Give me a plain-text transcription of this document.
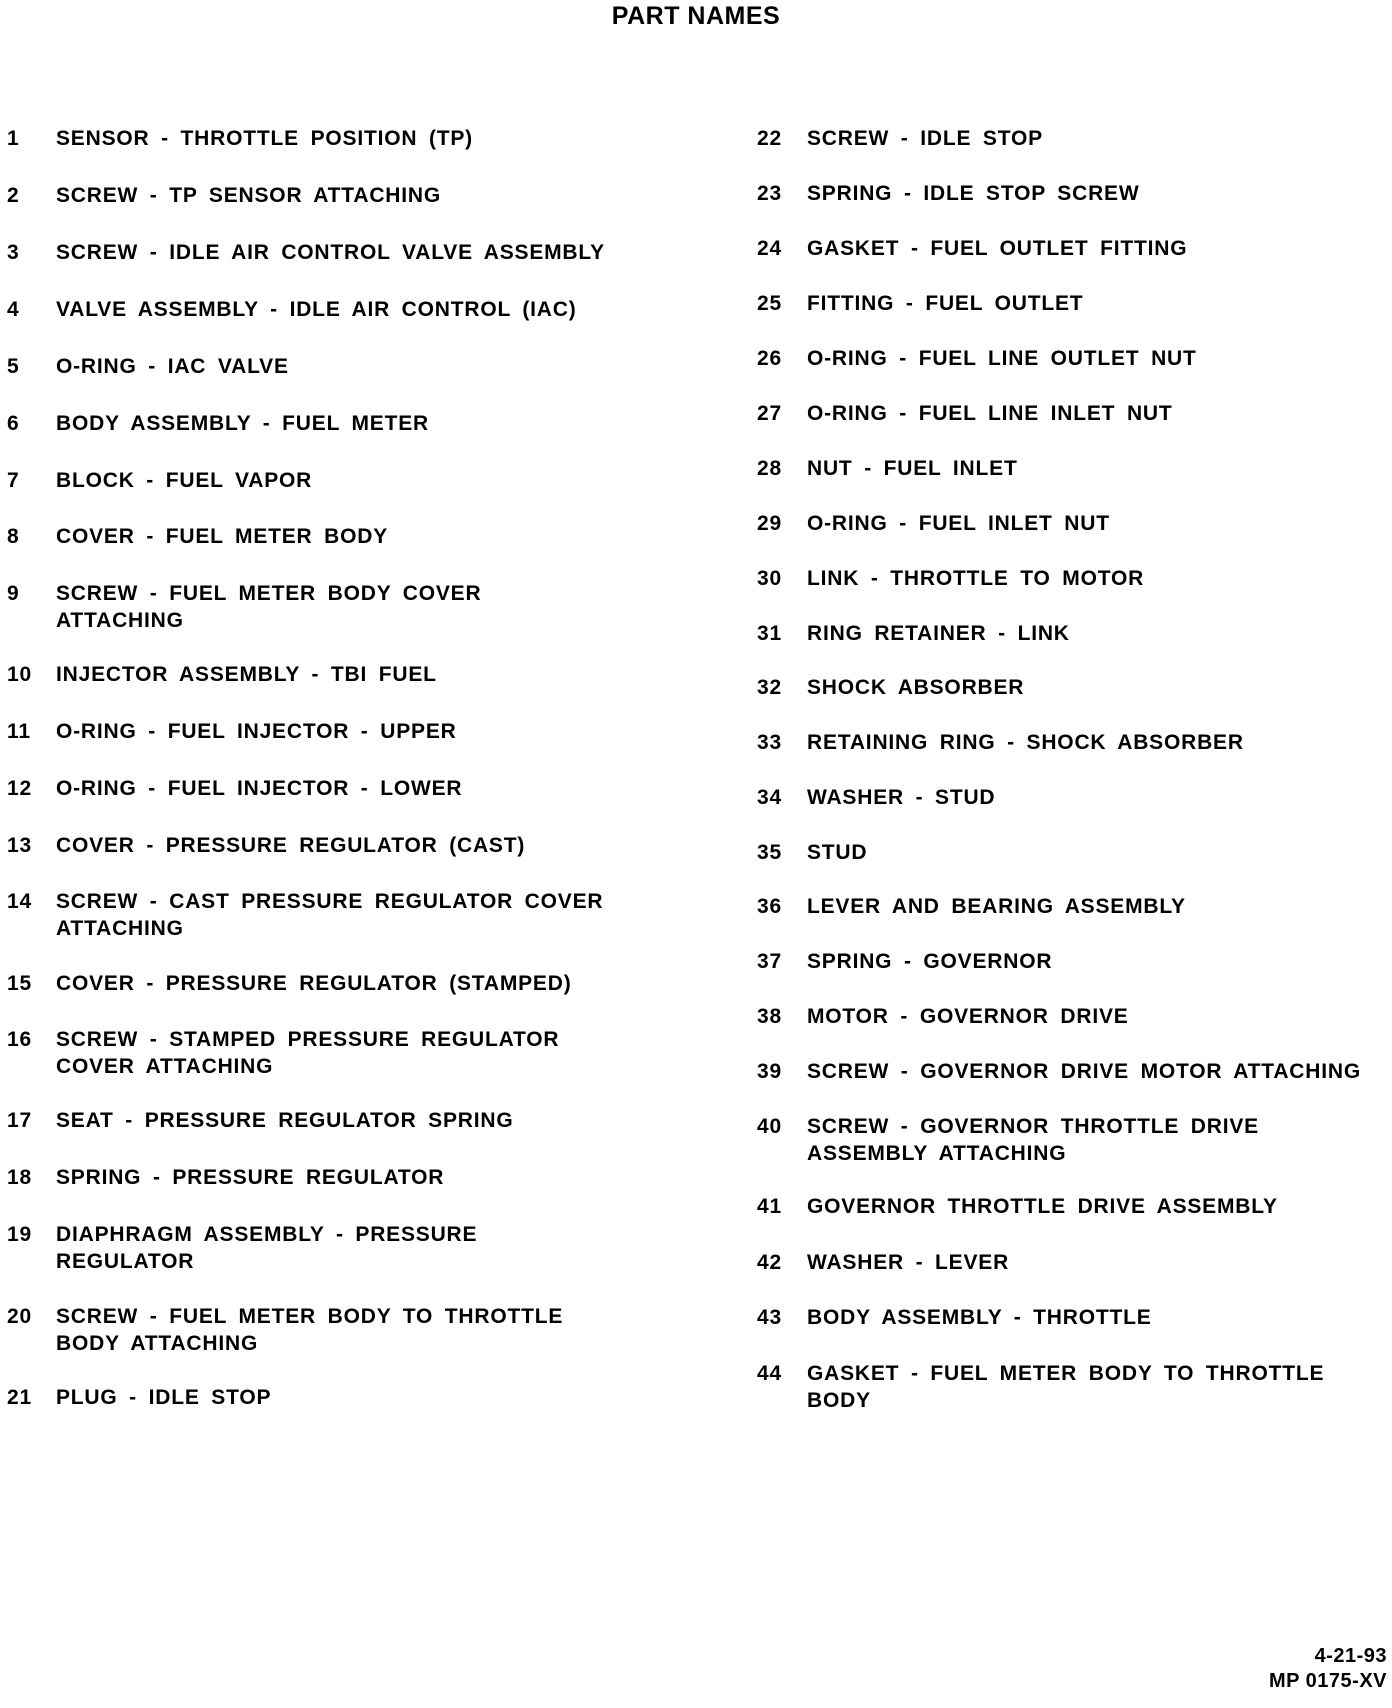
PART NAMES
1 SENSOR - THROTTLE POSITION (TP)
2 SCREW - TP SENSOR ATTACHING
3 SCREW - IDLE AIR CONTROL VALVE ASSEMBLY
4 VALVE ASSEMBLY - IDLE AIR CONTROL (IAC)
5 O-RING - IAC VALVE
6 BODY ASSEMBLY - FUEL METER
7 BLOCK - FUEL VAPOR
8 COVER - FUEL METER BODY
9 SCREW - FUEL METER BODY COVER
ATTACHING
10 INJECTOR ASSEMBLY - TBI FUEL
11 O-RING - FUEL INJECTOR - UPPER
12 O-RING - FUEL INJECTOR - LOWER
13 COVER - PRESSURE REGULATOR (CAST)
14 SCREW - CAST PRESSURE REGULATOR COVER
ATTACHING
15 COVER - PRESSURE REGULATOR (STAMPED)
16 SCREW - STAMPED PRESSURE REGULATOR
COVER ATTACHING
17 SEAT - PRESSURE REGULATOR SPRING
18 SPRING - PRESSURE REGULATOR
19 DIAPHRAGM ASSEMBLY - PRESSURE
REGULATOR
20 SCREW - FUEL METER BODY TO THROTTLE
BODY ATTACHING
21 PLUG - IDLE STOP
22 SCREW - IDLE STOP
23 SPRING - IDLE STOP SCREW
24 GASKET - FUEL OUTLET FITTING
25 FITTING - FUEL OUTLET
26 O-RING - FUEL LINE OUTLET NUT
27 O-RING - FUEL LINE INLET NUT
28 NUT - FUEL INLET
29 O-RING - FUEL INLET NUT
30 LINK - THROTTLE TO MOTOR
31 RING RETAINER - LINK
32 SHOCK ABSORBER
33 RETAINING RING - SHOCK ABSORBER
34 WASHER - STUD
35 STUD
36 LEVER AND BEARING ASSEMBLY
37 SPRING - GOVERNOR
38 MOTOR - GOVERNOR DRIVE
39 SCREW - GOVERNOR DRIVE MOTOR ATTACHING
40 SCREW - GOVERNOR THROTTLE DRIVE
ASSEMBLY ATTACHING
41 GOVERNOR THROTTLE DRIVE ASSEMBLY
42 WASHER - LEVER
43 BODY ASSEMBLY - THROTTLE
44 GASKET - FUEL METER BODY TO THROTTLE
BODY
4-21-93
MP 0175-XV
